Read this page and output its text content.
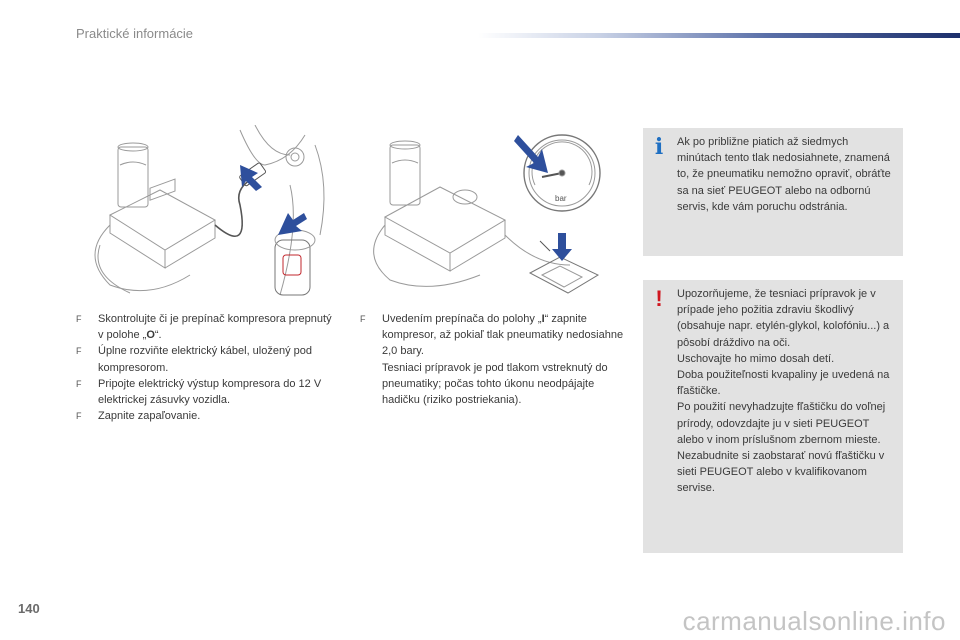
Praktické informácie
bar
F Skontrolujte či je prepínač kompresora prepnutý v polohe „O“.
F Úplne rozviňte elektrický kábel, uložený pod kompresorom.
F Pripojte elektrický výstup kompresora do 12 V elektrickej zásuvky vozidla.
F Zapnite zapaľovanie.
F Uvedením prepínača do polohy „I“ zapnite kompresor, až pokiaľ tlak pneumatiky nedosiahne 2,0 bary.
Tesniaci prípravok je pod tlakom vstreknutý do pneumatiky; počas tohto úkonu neodpájajte hadičku (riziko postriekania).
i	Ak po približne piatich až siedmych minútach tento tlak nedosiahnete, znamená to, že pneumatiku nemožno opraviť, obráťte sa na sieť PEUGEOT alebo na odbornú servis, kde vám poruchu odstránia.
!	Upozorňujeme, že tesniaci prípravok je v prípade jeho požitia zdraviu škodlivý (obsahuje napr. etylén-glykol, kolofóniu...) a pôsobí dráždivo na oči.

Uschovajte ho mimo dosah detí.

Doba použiteľnosti kvapaliny je uvedená na fľaštičke.

Po použití nevyhadzujte fľaštičku do voľnej prírody, odovzdajte ju v sieti PEUGEOT alebo v inom príslušnom zbernom mieste.

Nezabudnite si zaobstarať novú fľaštičku v sieti PEUGEOT alebo v kvalifikovanom servise.

140	carmanualsonline.info
